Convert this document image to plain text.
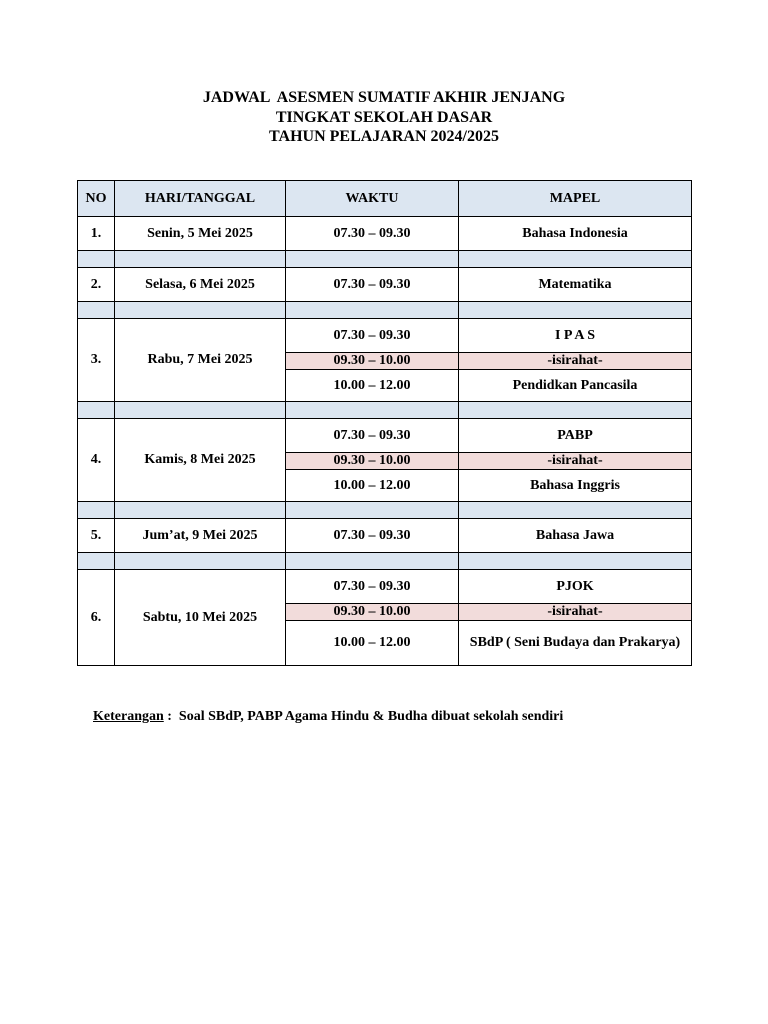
JADWAL  ASESMEN SUMATIF AKHIR JENJANG
TINGKAT SEKOLAH DASAR
TAHUN PELAJARAN 2024/2025
NO	HARI/TANGGAL	WAKTU	MAPEL
1.	Senin, 5 Mei 2025	07.30 – 09.30	Bahasa Indonesia

2.	Selasa, 6 Mei 2025	07.30 – 09.30	Matematika

3.	Rabu, 7 Mei 2025	07.30 – 09.30	I P A S
		09.30 – 10.00	-isirahat-
		10.00 – 12.00	Pendidkan Pancasila

4.	Kamis, 8 Mei 2025	07.30 – 09.30	PABP
		09.30 – 10.00	-isirahat-
		10.00 – 12.00	Bahasa Inggris

5.	Jum’at, 9 Mei 2025	07.30 – 09.30	Bahasa Jawa

6.	Sabtu, 10 Mei 2025	07.30 – 09.30	PJOK
		09.30 – 10.00	-isirahat-
		10.00 – 12.00	SBdP ( Seni Budaya dan Prakarya)
Keterangan :  Soal SBdP, PABP Agama Hindu & Budha dibuat sekolah sendiri
